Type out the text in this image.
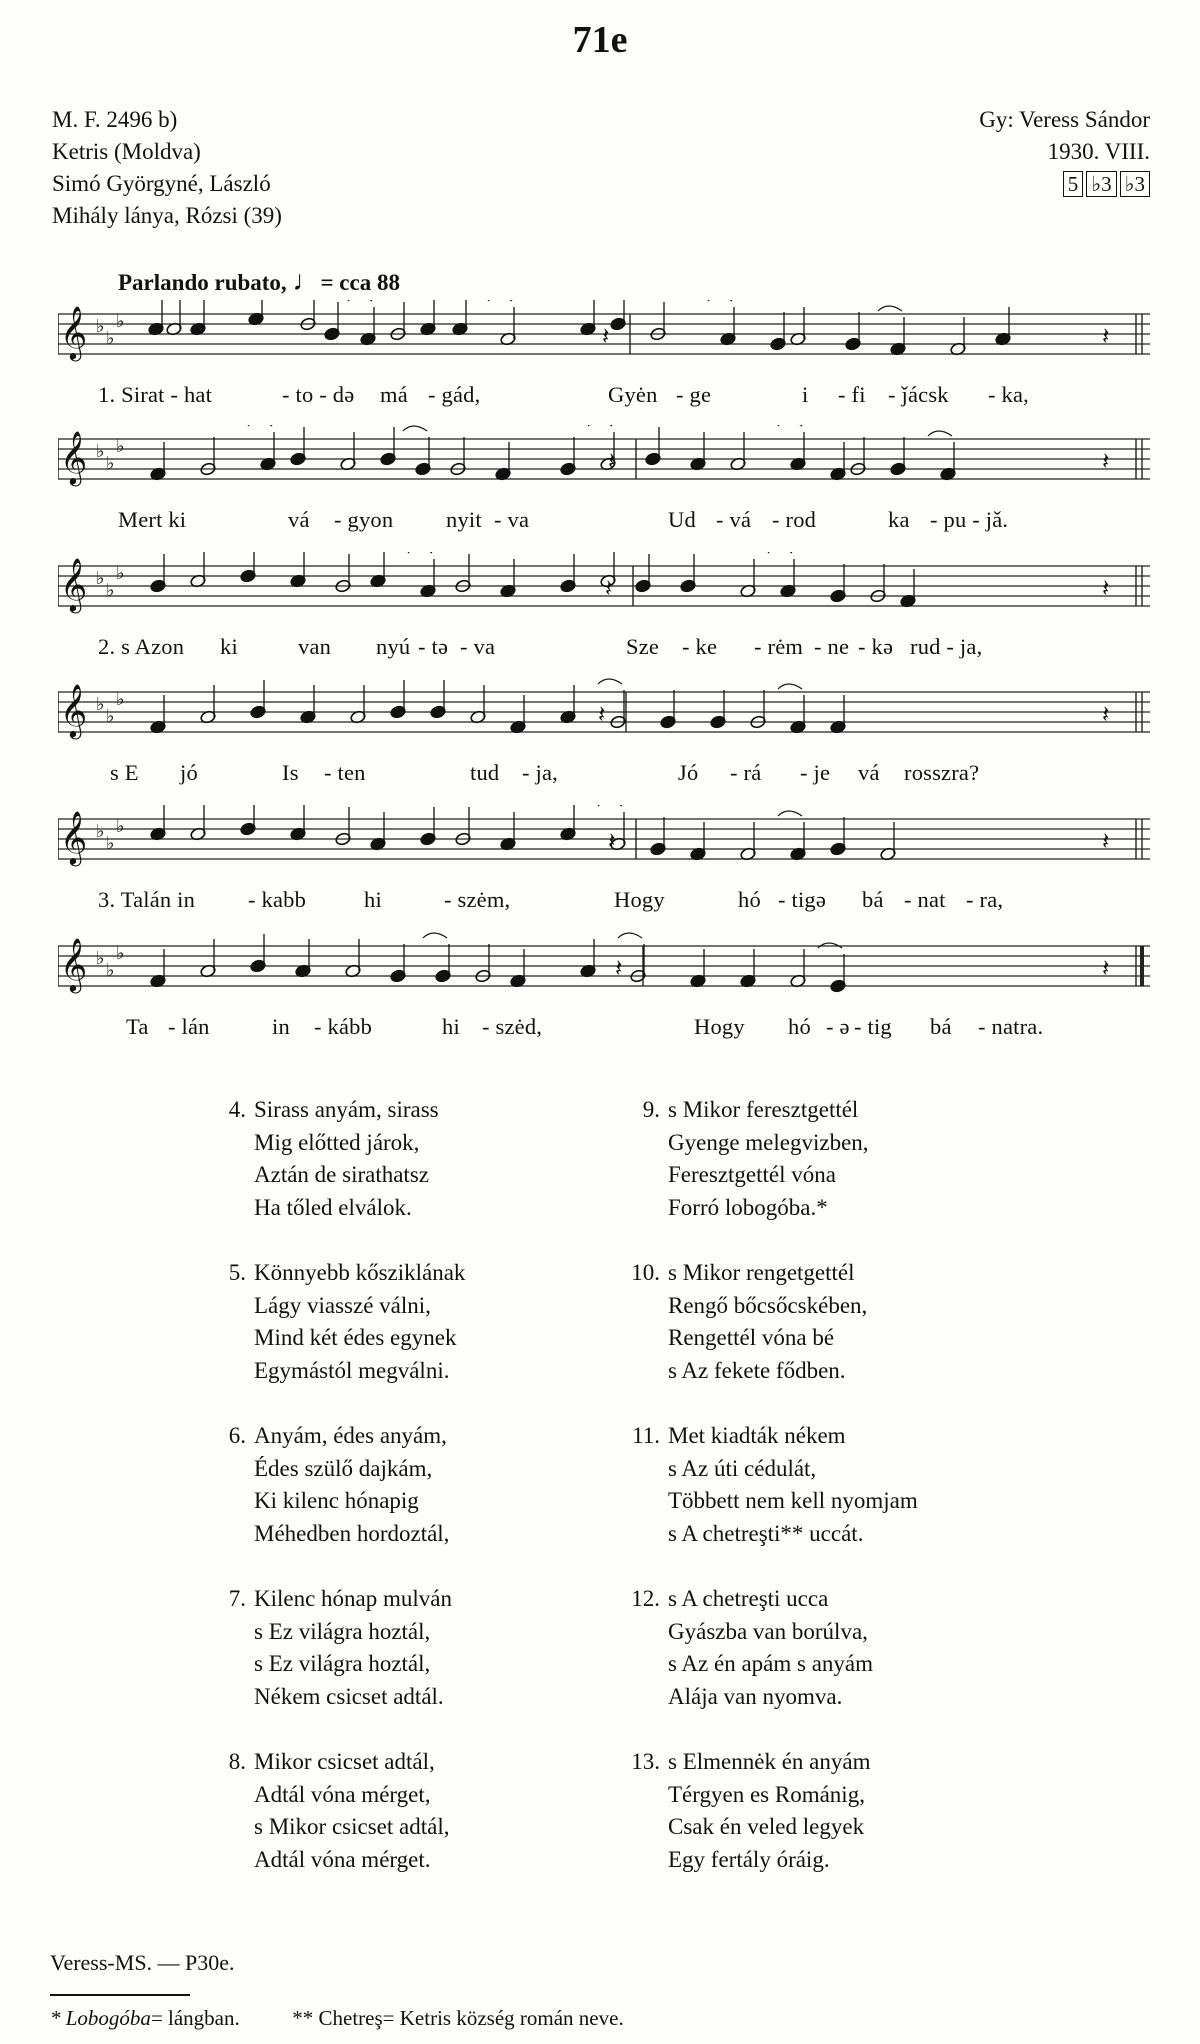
71e
M. F. 2496 b)
Ketris (Moldva)
Simó Györgyné, László
Mihály lánya, Rózsi (39)
Gy: Veress Sándor
1930. VIII.
5 ♭3 ♭3
Parlando rubato, ♩= cca 88
𝄞 ♭
♭
♭
𝄽	𝄽
1. Sirat - hat	- to - də má - gád,	Gyėn - ge	i - fi - ǰácsk - ka,
𝄞 ♭
♭
♭
𝄽	𝄽
Mert ki	vá - gyon nyit - va	Ud - vá - rod	ka - pu - jǎ.
𝄞 ♭
♭
♭
𝄽	𝄽
2. s Azon ki	van nyú - tə - va	Sze - ke - rėm - ne - kə rud - ja,
𝄞 ♭
♭
♭
𝄽	𝄽
s E jó	Is - ten	tud - ja,	Jó - rá - je vá rosszra?
𝄞 ♭
♭
♭
𝄽	𝄽
3. Talán in - kabb	hi	- szėm,	Hogy	hó - tigə bá - nat - ra,
𝄞 ♭
♭
♭
𝄽	𝄽
Ta - lán	in - kább	hi - szėd,	Hogy hó - ə - tig bá - natra.
4. Sirass anyám, sirass
Mig előtted járok,
Aztán de sirathatsz
Ha tőled elválok.
5. Könnyebb kősziklának
Lágy viasszé válni,
Mind két édes egynek
Egymástól megválni.
6. Anyám, édes anyám,
Édes szülő dajkám,
Ki kilenc hónapig
Méhedben hordoztál,
7. Kilenc hónap mulván
s Ez világra hoztál,
s Ez világra hoztál,
Nékem csicset adtál.
8. Mikor csicset adtál,
Adtál vóna mérget,
s Mikor csicset adtál,
Adtál vóna mérget.
9. s Mikor feresztgettél
Gyenge melegvizben,
Feresztgettél vóna
Forró lobogóba.*
10. s Mikor rengetgettél
Rengő bőcsőcskében,
Rengettél vóna bé
s Az fekete fődben.
11. Met kiadták nékem
s Az úti cédulát,
Többett nem kell nyomjam
s A chetreşti** uccát.
12. s A chetreşti ucca
Gyászba van borúlva,
s Az én apám s anyám
Alája van nyomva.
13. s Elmennėk én anyám
Térgyen es Románig,
Csak én veled legyek
Egy fertály óráig.
Veress-MS. — P30e.
* Lobogóba= lángban.	** Chetreş= Ketris község román neve.
